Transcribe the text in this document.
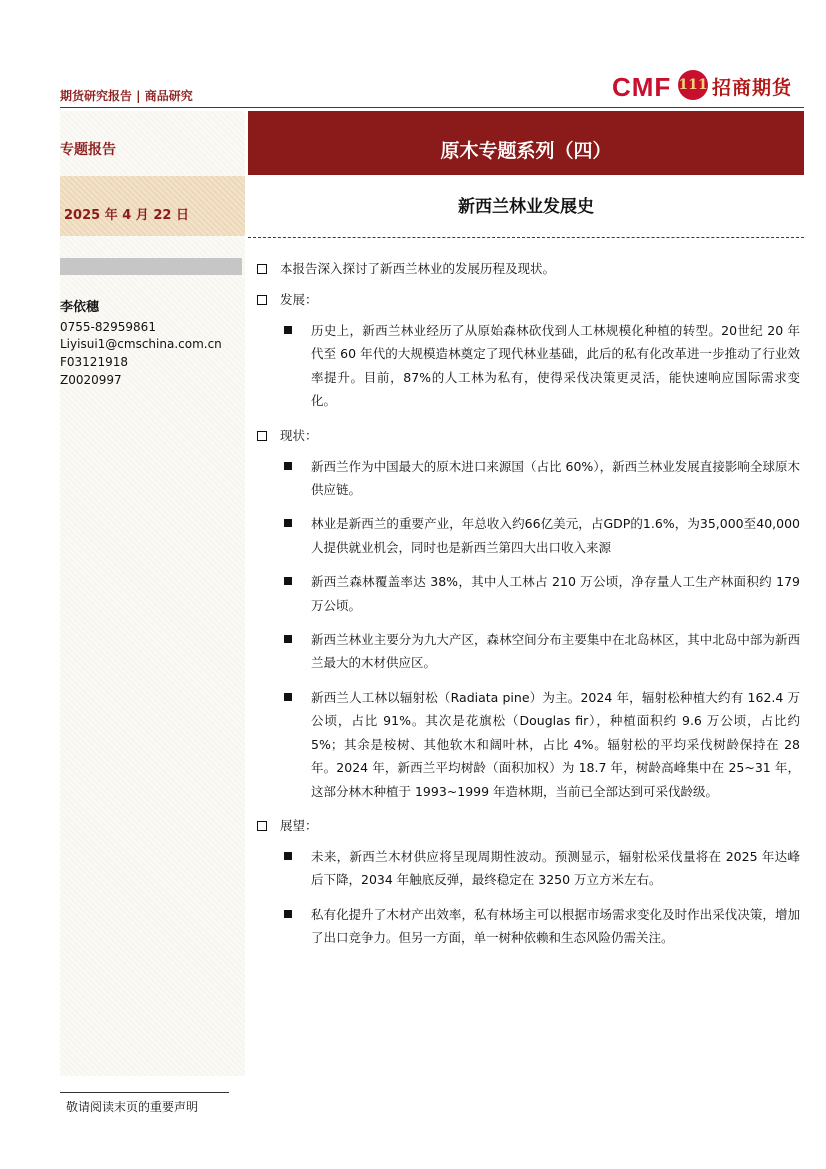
期货研究报告 | 商品研究	CMF 111 招商期货
专题报告
2025 年 4 月 22 日
原木专题系列（四）
新西兰林业发展史
李依穗
0755-82959861
Liyisui1@cmschina.com.cn
F03121918
Z0020997
本报告深入探讨了新西兰林业的发展历程及现状。
发展：
历史上，新西兰林业经历了从原始森林砍伐到人工林规模化种植的转型。20世纪 20 年代至 60 年代的大规模造林奠定了现代林业基础，此后的私有化改革进一步推动了行业效率提升。目前，87%的人工林为私有，使得采伐决策更灵活，能快速响应国际需求变化。
现状：
新西兰作为中国最大的原木进口来源国（占比 60%），新西兰林业发展直接影响全球原木供应链。
林业是新西兰的重要产业，年总收入约66亿美元，占GDP的1.6%，为35,000至40,000 人提供就业机会，同时也是新西兰第四大出口收入来源
新西兰森林覆盖率达 38%，其中人工林占 210 万公顷，净存量人工生产林面积约 179 万公顷。
新西兰林业主要分为九大产区，森林空间分布主要集中在北岛林区，其中北岛中部为新西兰最大的木材供应区。
新西兰人工林以辐射松（Radiata pine）为主。2024 年，辐射松种植大约有 162.4 万公顷，占比 91%。其次是花旗松（Douglas fir），种植面积约 9.6 万公顷，占比约 5%；其余是桉树、其他软木和阔叶林，占比 4%。辐射松的平均采伐树龄保持在 28 年。2024 年，新西兰平均树龄（面积加权）为 18.7 年，树龄高峰集中在 25~31 年，这部分林木种植于 1993~1999 年造林期，当前已全部达到可采伐龄级。
展望：
未来，新西兰木材供应将呈现周期性波动。预测显示，辐射松采伐量将在 2025 年达峰后下降，2034 年触底反弹，最终稳定在 3250 万立方米左右。
私有化提升了木材产出效率，私有林场主可以根据市场需求变化及时作出采伐决策，增加了出口竞争力。但另一方面，单一树种依赖和生态风险仍需关注。
敬请阅读末页的重要声明
